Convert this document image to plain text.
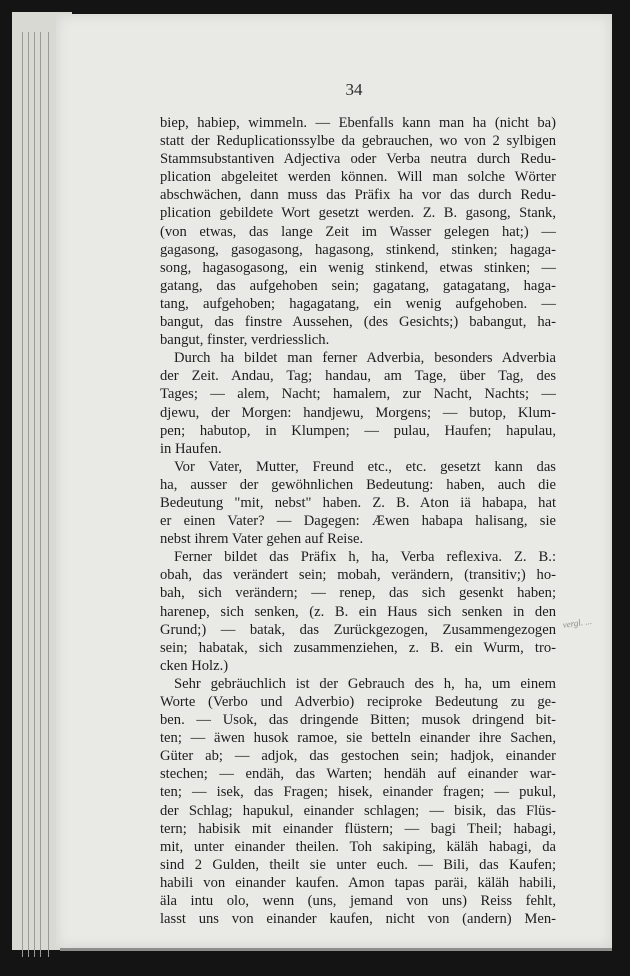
34
biep, habiep, wimmeln. — Ebenfalls kann man ha (nicht ba)
statt der Reduplicationssylbe da gebrauchen, wo von 2 sylbigen
Stammsubstantiven Adjectiva oder Verba neutra durch Redu-
plication abgeleitet werden können. Will man solche Wörter
abschwächen, dann muss das Präfix ha vor das durch Redu-
plication gebildete Wort gesetzt werden. Z. B. gasong, Stank,
(von etwas, das lange Zeit im Wasser gelegen hat;) —
gagasong, gasogasong, hagasong, stinkend, stinken; hagaga-
song, hagasogasong, ein wenig stinkend, etwas stinken; —
gatang, das aufgehoben sein; gagatang, gatagatang, haga-
tang, aufgehoben; hagagatang, ein wenig aufgehoben. —
bangut, das finstre Aussehen, (des Gesichts;) babangut, ha-
bangut, finster, verdriesslich.
Durch ha bildet man ferner Adverbia, besonders Adverbia
der Zeit. Andau, Tag; handau, am Tage, über Tag, des
Tages; — alem, Nacht; hamalem, zur Nacht, Nachts; —
djewu, der Morgen: handjewu, Morgens; — butop, Klum-
pen; habutop, in Klumpen; — pulau, Haufen; hapulau,
in Haufen.
Vor Vater, Mutter, Freund etc., etc. gesetzt kann das
ha, ausser der gewöhnlichen Bedeutung: haben, auch die
Bedeutung "mit, nebst" haben. Z. B. Aton iä habapa, hat
er einen Vater? — Dagegen: Æwen habapa halisang, sie
nebst ihrem Vater gehen auf Reise.
Ferner bildet das Präfix h, ha, Verba reflexiva. Z. B.:
obah, das verändert sein; mobah, verändern, (transitiv;) ho-
bah, sich verändern; — renep, das sich gesenkt haben;
harenep, sich senken, (z. B. ein Haus sich senken in den
Grund;) — batak, das Zurückgezogen, Zusammengezogen
sein; habatak, sich zusammenziehen, z. B. ein Wurm, tro-
cken Holz.)
Sehr gebräuchlich ist der Gebrauch des h, ha, um einem
Worte (Verbo und Adverbio) reciproke Bedeutung zu ge-
ben. — Usok, das dringende Bitten; musok dringend bit-
ten; — äwen husok ramoe, sie betteln einander ihre Sachen,
Güter ab; — adjok, das gestochen sein; hadjok, einander
stechen; — endäh, das Warten; hendäh auf einander war-
ten; — isek, das Fragen; hisek, einander fragen; — pukul,
der Schlag; hapukul, einander schlagen; — bisik, das Flüs-
tern; habisik mit einander flüstern; — bagi Theil; habagi,
mit, unter einander theilen. Toh sakiping, käläh habagi, da
sind 2 Gulden, theilt sie unter euch. — Bili, das Kaufen;
habili von einander kaufen. Amon tapas paräi, käläh habili,
äla intu olo, wenn (uns, jemand von uns) Reiss fehlt,
lasst uns von einander kaufen, nicht von (andern) Men-
vergl. ...
